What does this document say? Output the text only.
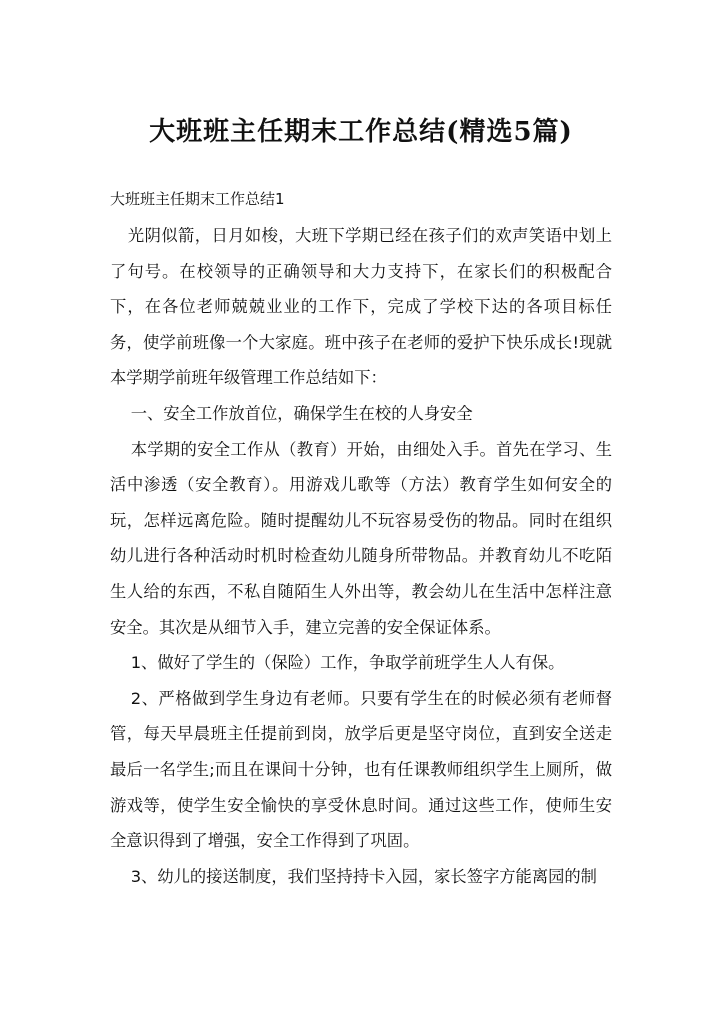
大班班主任期末工作总结(精选5篇)
大班班主任期末工作总结1

光阴似箭，日月如梭，大班下学期已经在孩子们的欢声笑语中划上了句号。在校领导的正确领导和大力支持下，在家长们的积极配合下，在各位老师兢兢业业的工作下，完成了学校下达的各项目标任务，使学前班像一个大家庭。班中孩子在老师的爱护下快乐成长!现就本学期学前班年级管理工作总结如下：

一、安全工作放首位，确保学生在校的人身安全

本学期的安全工作从（教育）开始，由细处入手。首先在学习、生活中渗透（安全教育）。用游戏儿歌等（方法）教育学生如何安全的玩，怎样远离危险。随时提醒幼儿不玩容易受伤的物品。同时在组织幼儿进行各种活动时机时检查幼儿随身所带物品。并教育幼儿不吃陌生人给的东西，不私自随陌生人外出等，教会幼儿在生活中怎样注意安全。其次是从细节入手，建立完善的安全保证体系。

1、做好了学生的（保险）工作，争取学前班学生人人有保。

2、严格做到学生身边有老师。只要有学生在的时候必须有老师督管，每天早晨班主任提前到岗，放学后更是坚守岗位，直到安全送走最后一名学生;而且在课间十分钟，也有任课教师组织学生上厕所，做游戏等，使学生安全愉快的享受休息时间。通过这些工作，使师生安全意识得到了增强，安全工作得到了巩固。

3、幼儿的接送制度，我们坚持持卡入园，家长签字方能离园的制
